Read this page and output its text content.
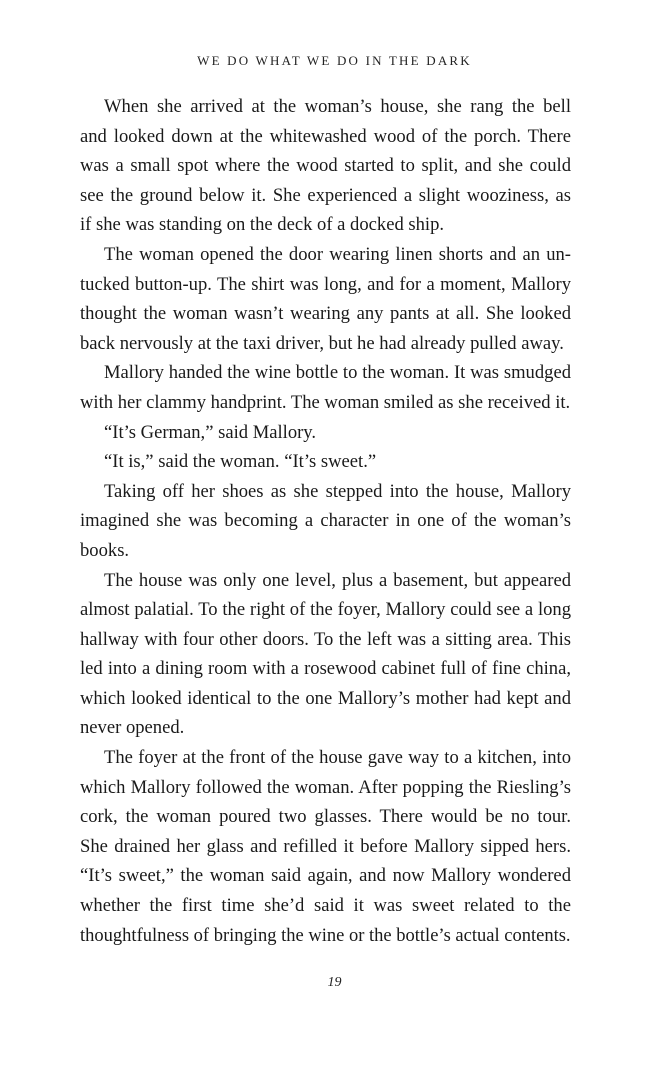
WE DO WHAT WE DO IN THE DARK
When she arrived at the woman’s house, she rang the bell
and looked down at the whitewashed wood of the porch. There
was a small spot where the wood started to split, and she could
see the ground below it. She experienced a slight wooziness, as
if she was standing on the deck of a docked ship.
The woman opened the door wearing linen shorts and an un-
tucked button-up. The shirt was long, and for a moment, Mallory
thought the woman wasn’t wearing any pants at all. She looked
back nervously at the taxi driver, but he had already pulled away.
Mallory handed the wine bottle to the woman. It was smudged
with her clammy handprint. The woman smiled as she received it.
“It’s German,” said Mallory.
“It is,” said the woman. “It’s sweet.”
Taking off her shoes as she stepped into the house, Mallory
imagined she was becoming a character in one of the woman’s
books.
The house was only one level, plus a basement, but appeared
almost palatial. To the right of the foyer, Mallory could see a long
hallway with four other doors. To the left was a sitting area. This
led into a dining room with a rosewood cabinet full of fine china,
which looked identical to the one Mallory’s mother had kept and
never opened.
The foyer at the front of the house gave way to a kitchen, into
which Mallory followed the woman. After popping the Riesling’s
cork, the woman poured two glasses. There would be no tour.
She drained her glass and refilled it before Mallory sipped hers.
“It’s sweet,” the woman said again, and now Mallory wondered
whether the first time she’d said it was sweet related to the
thoughtfulness of bringing the wine or the bottle’s actual contents.
19
